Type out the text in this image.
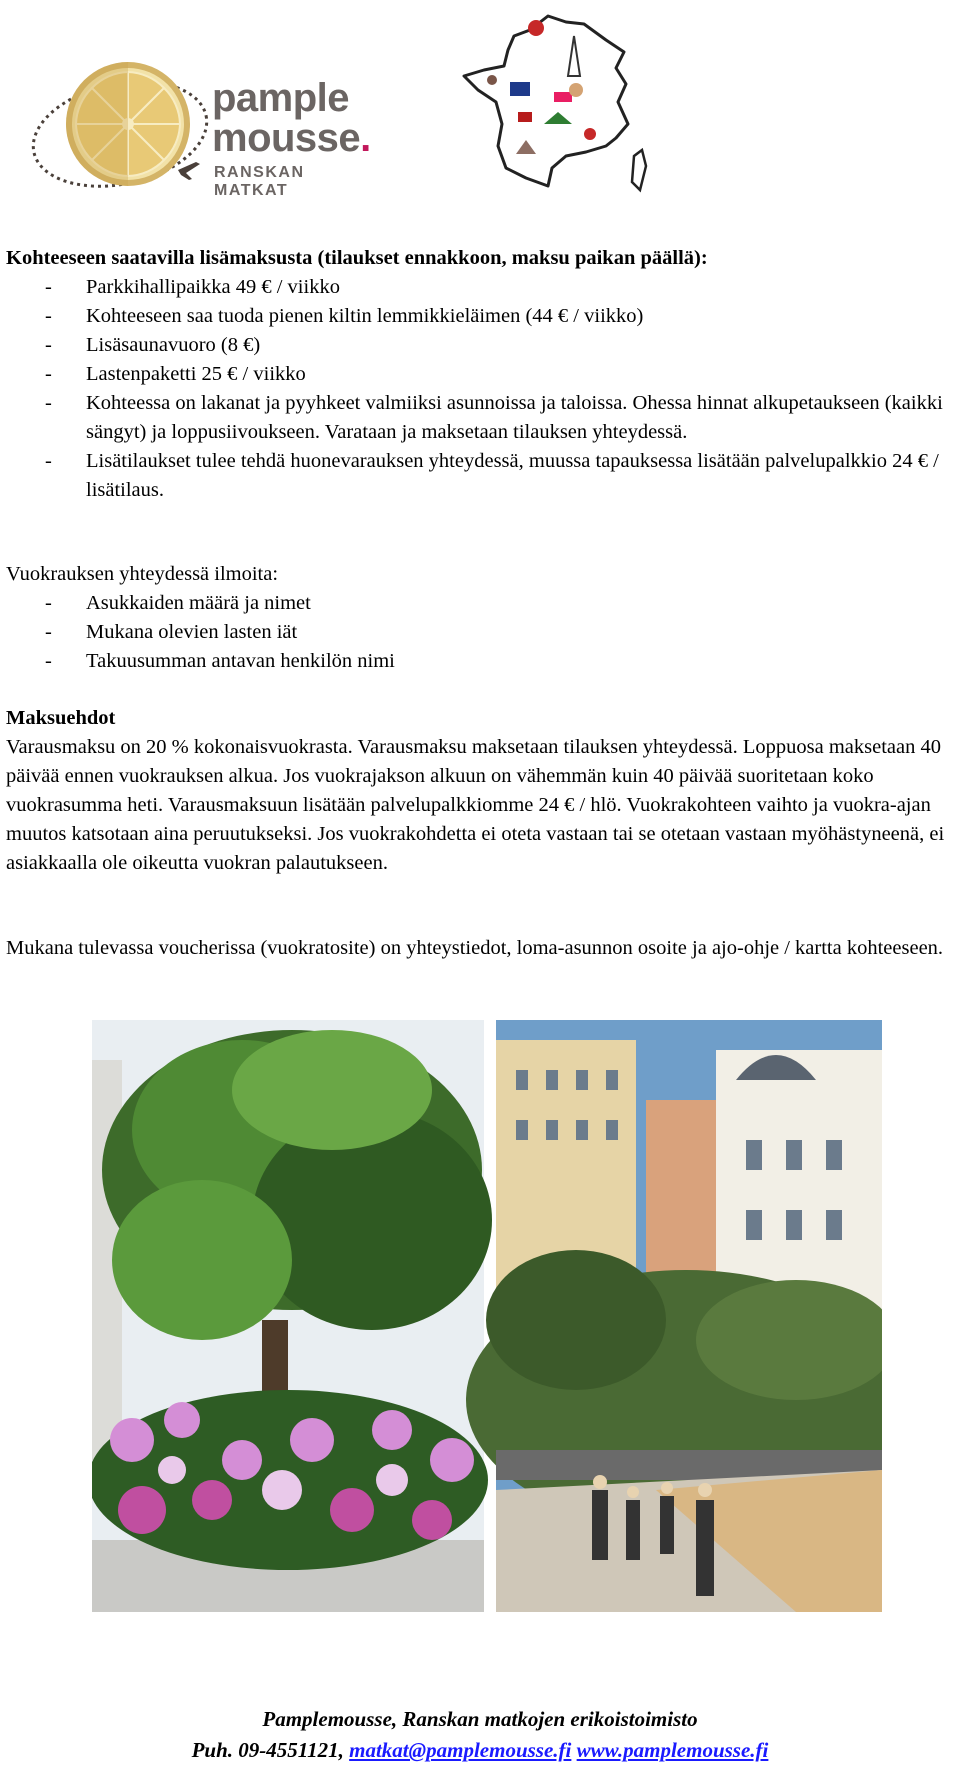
pample
mousse.
RANSKAN MATKAT

Kohteeseen saatavilla lisämaksusta (tilaukset ennakkoon, maksu paikan päällä):

- Parkkihallipaikka 49 € / viikko
- Kohteeseen saa tuoda pienen kiltin lemmikkieläimen (44 € / viikko)
- Lisäsaunavuoro (8 €)
- Lastenpaketti 25 € / viikko
- Kohteessa on lakanat ja pyyhkeet valmiiksi asunnoissa ja taloissa. Ohessa hinnat alkupetaukseen (kaikki sängyt) ja loppusiivoukseen. Varataan ja maksetaan tilauksen yhteydessä.
- Lisätilaukset tulee tehdä huonevarauksen yhteydessä, muussa tapauksessa lisätään palvelupalkkio 24 € / lisätilaus.

Vuokrauksen yhteydessä ilmoita:

- Asukkaiden määrä ja nimet
- Mukana olevien lasten iät
- Takuusumman antavan henkilön nimi

Maksuehdot

Varausmaksu on 20 % kokonaisvuokrasta. Varausmaksu maksetaan tilauksen yhteydessä. Loppuosa maksetaan 40 päivää ennen vuokrauksen alkua. Jos vuokrajakson alkuun on vähemmän kuin 40 päivää suoritetaan koko vuokrasumma heti. Varausmaksuun lisätään palvelupalkkiomme 24 € / hlö. Vuokrakohteen vaihto ja vuokra-ajan muutos katsotaan aina peruutukseksi. Jos vuokrakohdetta ei oteta vastaan tai se otetaan vastaan myöhästyneenä, ei asiakkaalla ole oikeutta vuokran palautukseen.

Mukana tulevassa voucherissa (vuokratosite) on yhteystiedot, loma-asunnon osoite ja ajo-ohje / kartta kohteeseen.

Pamplemousse, Ranskan matkojen erikoistoimisto
Puh. 09-4551121, matkat@pamplemousse.fi www.pamplemousse.fi
